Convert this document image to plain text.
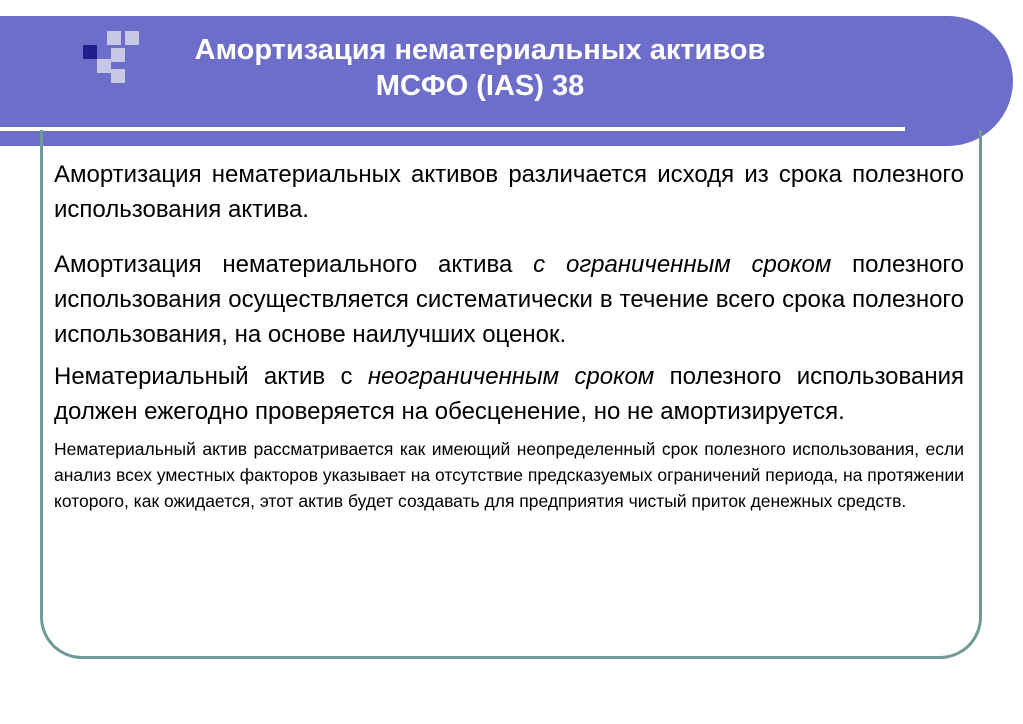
Амортизация нематериальных активов
МСФО (IAS) 38

Амортизация нематериальных активов различается исходя из срока полезного использования актива.

Амортизация нематериального актива с ограниченным сроком полезного использования осуществляется систематически в течение всего срока полезного использования, на основе наилучших оценок.

Нематериальный актив с неограниченным сроком полезного использования должен ежегодно проверяется на обесценение, но не амортизируется.

Нематериальный актив рассматривается как имеющий неопределенный срок полезного использования, если анализ всех уместных факторов указывает на отсутствие предсказуемых ограничений периода, на протяжении которого, как ожидается, этот актив будет создавать для предприятия чистый приток денежных средств.
